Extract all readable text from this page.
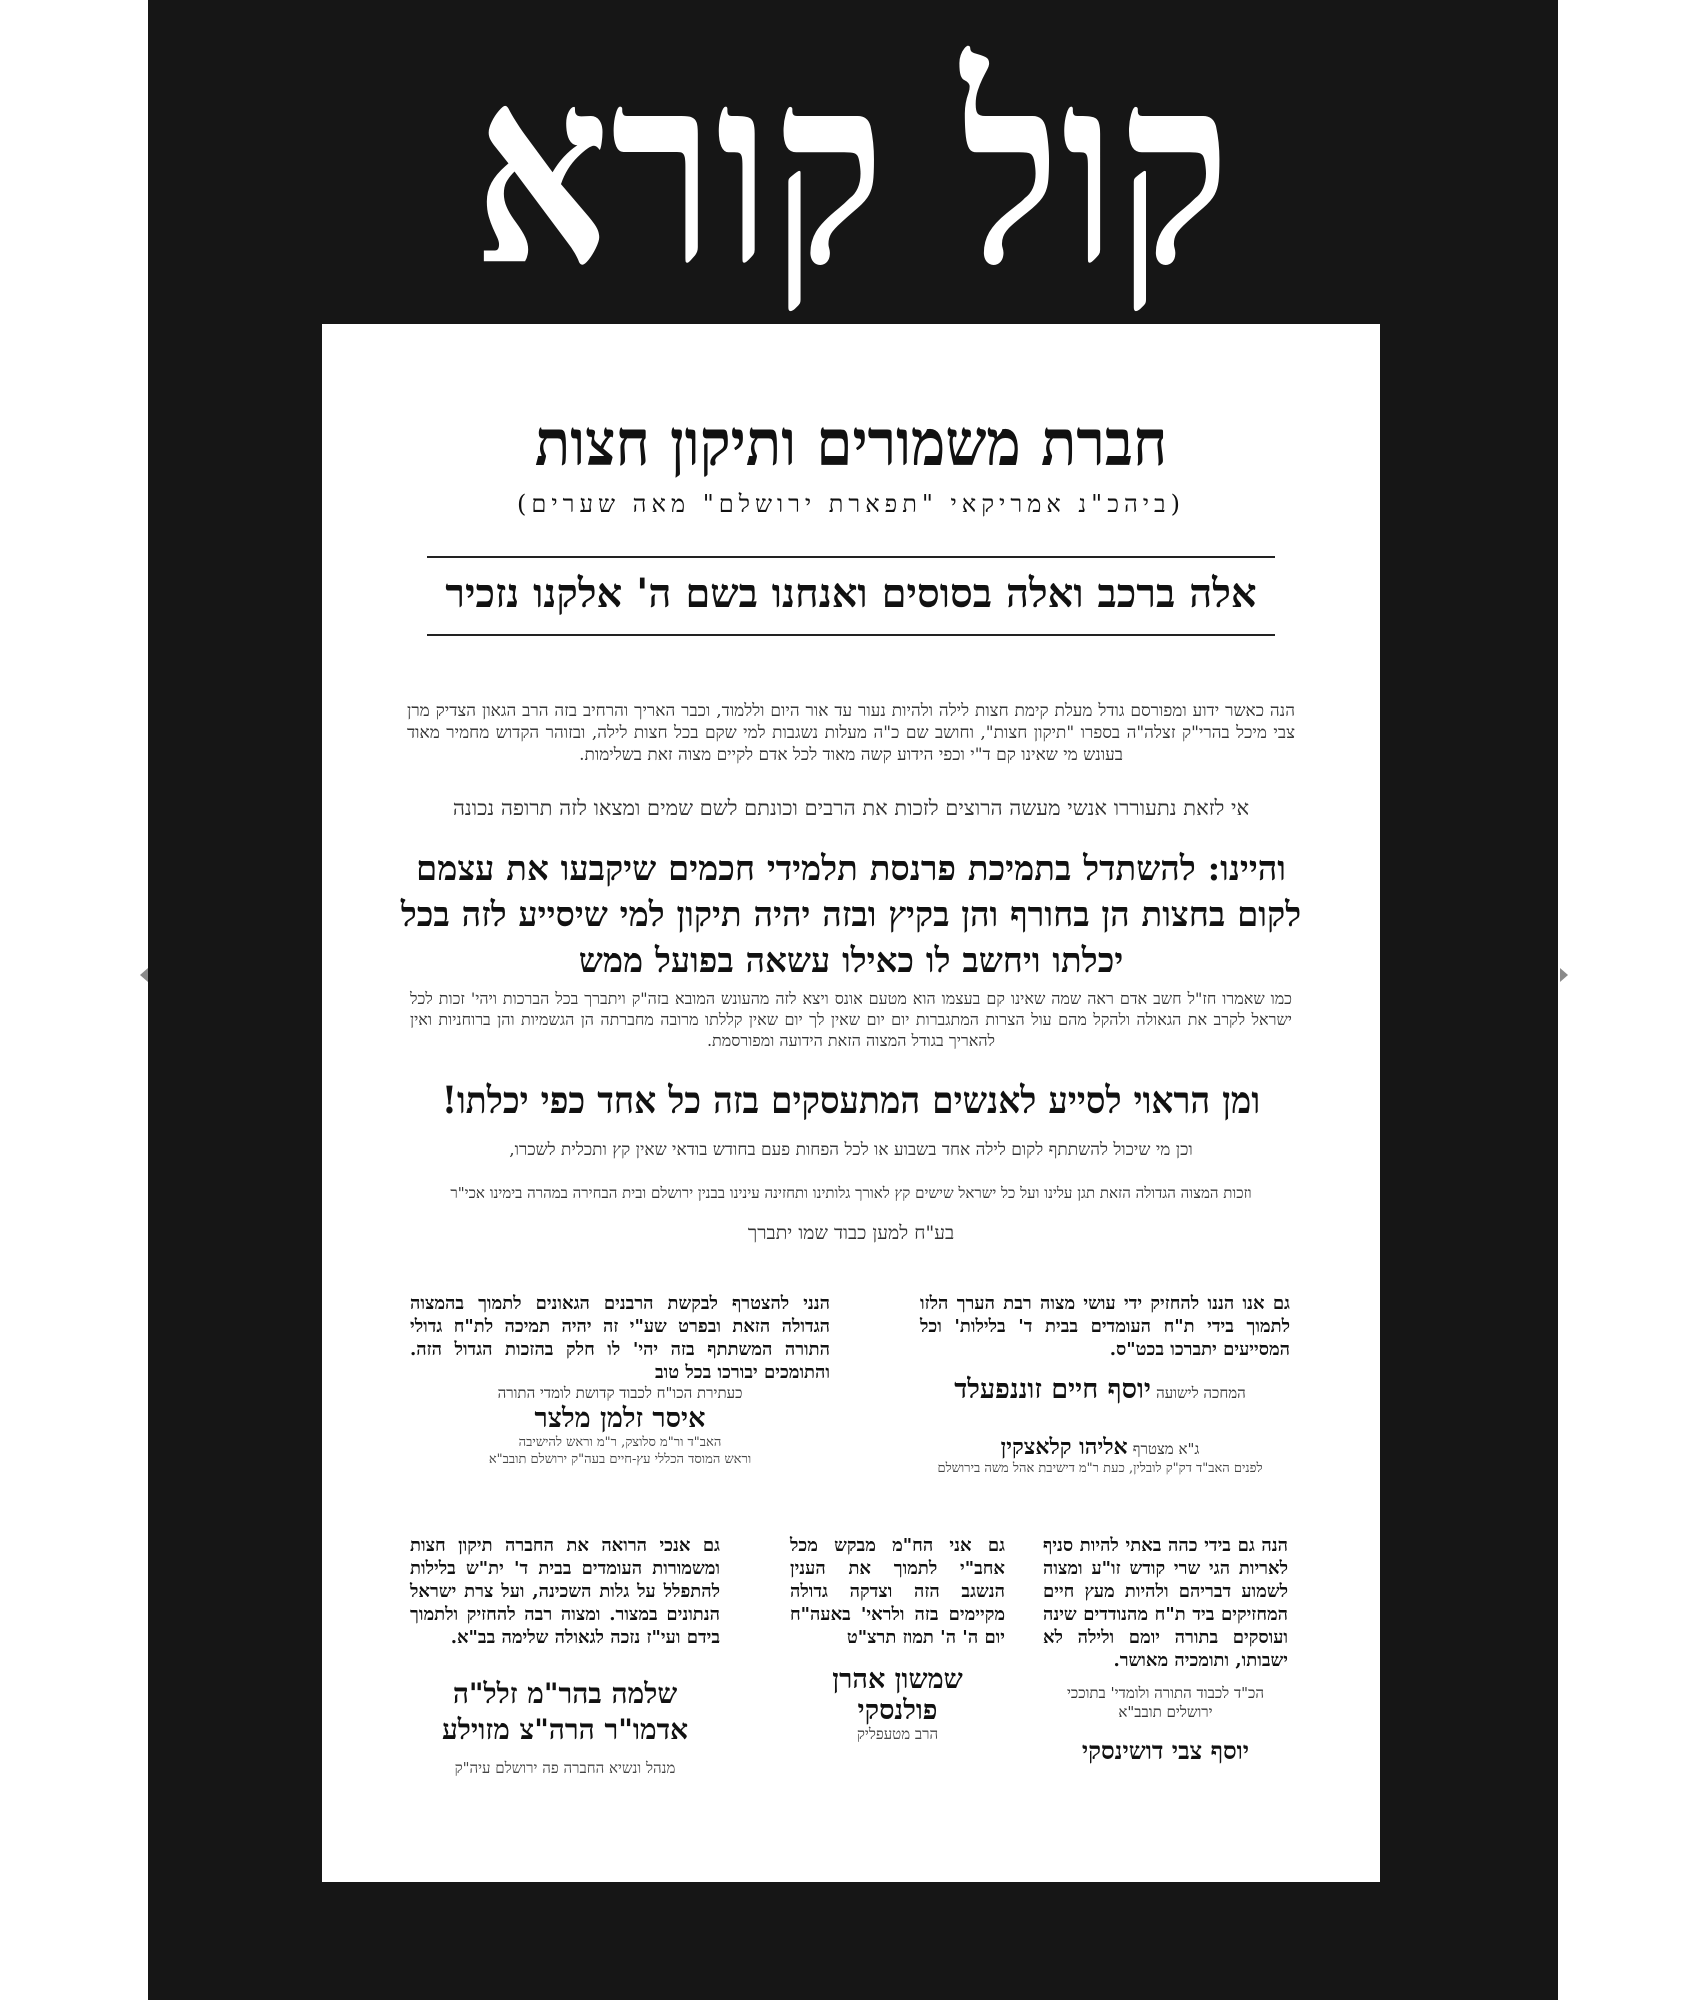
קול קורא
חברת משמורים ותיקון חצות
(ביהכ"נ אמריקאי "תפארת ירושלם" מאה שערים)
אלה ברכב ואלה בסוסים ואנחנו בשם ה' אלקנו נזכיר
הנה כאשר ידוע ומפורסם גודל מעלת קימת חצות לילה ולהיות נעור עד אור היום וללמוד, וכבר האריך והרחיב בזה הרב הגאון הצדיק מרן צבי מיכל בהרי"ק זצלה"ה בספרו "תיקון חצות", וחושב שם כ"ה מעלות נשגבות למי שקם בכל חצות לילה, ובזוהר הקדוש מחמיר מאוד בעונש מי שאינו קם ד"י וכפי הידוע קשה מאוד לכל אדם לקיים מצוה זאת בשלימות.
אי לזאת נתעוררו אנשי מעשה הרוצים לזכות את הרבים וכונתם לשם שמים ומצאו לזה תרופה נכונה
והיינו: להשתדל בתמיכת פרנסת תלמידי חכמים שיקבעו את עצמם לקום בחצות הן בחורף והן בקיץ ובזה יהיה תיקון למי שיסייע לזה בכל יכלתו ויחשב לו כאילו עשאה בפועל ממש
כמו שאמרו חז"ל חשב אדם ראה שמה שאינו קם בעצמו הוא מטעם אונס ויצא לזה מהעונש המובא בזה"ק ויתברך בכל הברכות ויהי' זכות לכל ישראל לקרב את הגאולה ולהקל מהם עול הצרות המתגברות יום יום שאין לך יום שאין קללתו מרובה מחברתה הן הגשמיות והן ברוחניות ואין להאריך בגודל המצוה הזאת הידועה ומפורסמת.
ומן הראוי לסייע לאנשים המתעסקים בזה כל אחד כפי יכלתו!
וכן מי שיכול להשתתף לקום לילה אחד בשבוע או לכל הפחות פעם בחודש בודאי שאין קץ ותכלית לשכרו,
וזכות המצוה הגדולה הזאת תגן עלינו ועל כל ישראל שישים קץ לאורך גלותינו ותחזינה עינינו בבנין ירושלם ובית הבחירה במהרה בימינו אכי"ר
בע"ח למען כבוד שמו יתברך
גם אנו הננו להחזיק ידי עושי מצוה רבת הערך הלזו לתמוך בידי ת"ח העומדים בבית ד' בלילות' וכל המסייעים יתברכו בכט"ס.
המחכה לישועה יוסף חיים זוננפעלד
ג"א מצטרף אליהו קלאצקין
לפנים האב"ד דק"ק לובלין, כעת ר"מ דישיבת אהל משה בירושלם
הנני להצטרף לבקשת הרבנים הגאונים לתמוך בהמצוה הגדולה הזאת ובפרט שע"י זה יהיה תמיכה לת"ח גדולי התורה המשתתף בזה יהי' לו חלק בהזכות הגדול הזה. והתומכים יבורכו בכל טוב
כעתירת הכו"ח לכבוד קדושת לומדי התורה
איסר זלמן מלצר
האב"ד ור"מ סלוצק, ר"מ וראש להישיבה
וראש המוסד הכללי עץ-חיים בעה"ק ירושלם תובב"א
הנה גם בידי כהה באתי להיות סניף לאריות הגי שרי קודש זו"ע ומצוה לשמוע דבריהם ולהיות מעץ חיים המחזיקים ביד ת"ח מהנודדים שינה ועוסקים בתורה יומם ולילה לא ישבותו, ותומכיה מאושר.
הכ"ד לכבוד התורה ולומדי' בתוככי ירושלים תובב"א
יוסף צבי דושינסקי
גם אני הח"מ מבקש מכל אחב"י לתמוך את הענין הנשגב הזה וצדקה גדולה מקיימים בזה ולראי' באעה"ח יום ה' ה' תמוז תרצ"ט
שמשון אהרן פולנסקי
הרב מטעפליק
גם אנכי הרואה את החברה תיקון חצות ומשמורות העומדים בבית ד' ית"ש בלילות להתפלל על גלות השכינה, ועל צרת ישראל הנתונים במצור. ומצוה רבה להחזיק ולתמוך בידם ועי"ז נזכה לגאולה שלימה בב"א.
שלמה בהר"מ זלל"ה אדמו"ר הרה"צ מזוילע
מנהל ונשיא החברה פה ירושלם עיה"ק
